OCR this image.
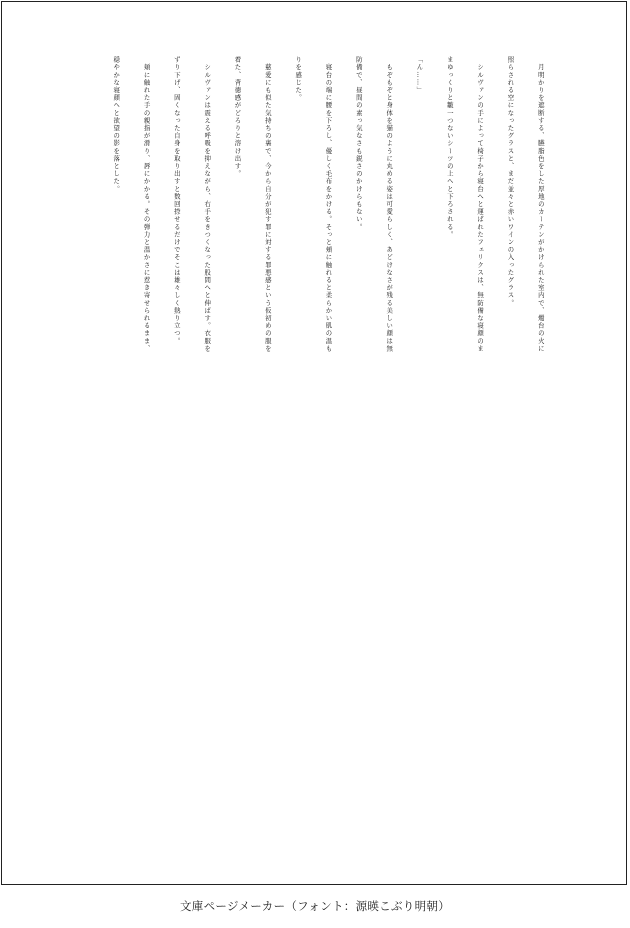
　月明かりを遮断する、臙脂色をした厚地のカーテンがかけられた室内で、燭台の火に

照らされる空になったグラスと、まだ並々と赤いワインの入ったグラス。

　シルヴァンの手によって椅子から寝台へと運ばれたフェリクスは、無防備な寝顔のま

まゆっくりと皺一つないシーツの上へと下ろされる。

「ん……」

　もぞもぞと身体を猫のように丸める姿は可愛らしく、あどけなさが残る美しい顔は無

防備で、昼間の素っ気なさも鋭さのかけらもない。

　寝台の端に腰を下ろし、優しく毛布をかける。そっと頬に触れると柔らかい肌の温も

りを感じた。

　慈愛にも似た気持ちの裏で、今から自分が犯す罪に対する罪悪感という仮初めの服を

着た、背徳感がどろりと溶け出す。

　シルヴァンは震える呼吸を抑えながら、右手をきつくなった股間へと伸ばす。衣服を

ずり下げ、固くなった自身を取り出すと数回捺せるだけでそこは雄々しく熱り立つ。

　頬に触れた手の親指が滑り、唇にかかる。その弾力と温かさに惹き寄せられるまま、

穏やかな寝顔へと欲望の影を落とした。

文庫ページメーカー（フォント：源暎こぶり明朝）
